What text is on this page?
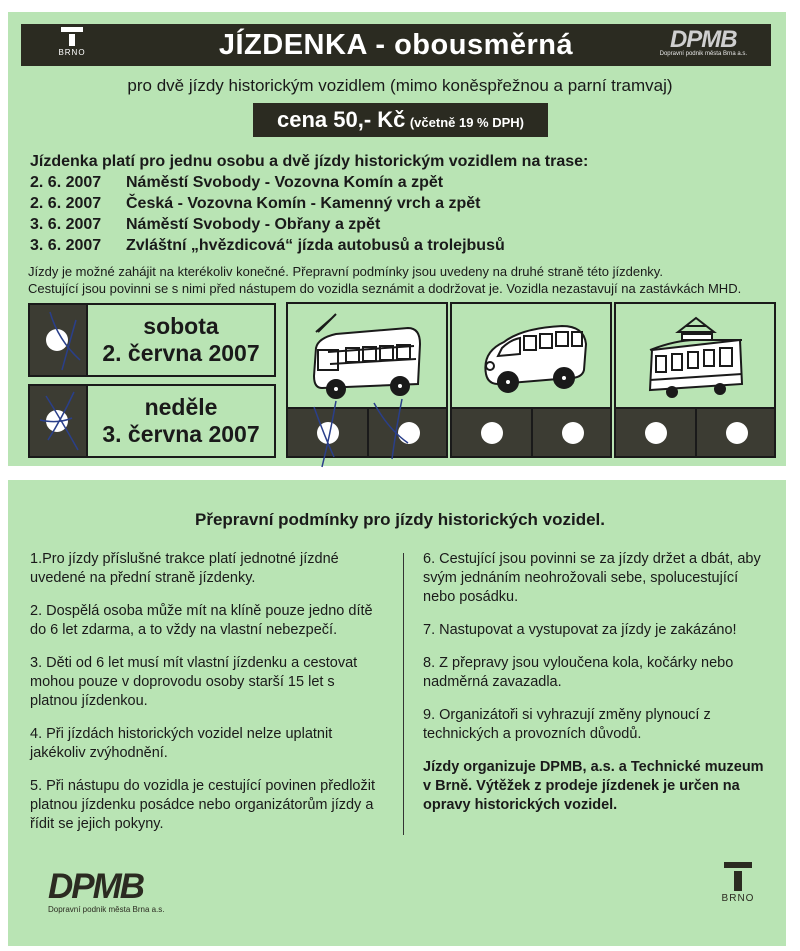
BRNO	JÍZDENKA - obousměrná	DPMB
Dopravní podnik města Brna a.s.
pro dvě jízdy historickým vozidlem (mimo koněspřežnou a parní tramvaj)
cena 50,- Kč (včetně 19 % DPH)
Jízdenka platí pro jednu osobu a dvě jízdy historickým vozidlem na trase:
2. 6. 2007 Náměstí Svobody - Vozovna Komín a zpět
2. 6. 2007 Česká - Vozovna Komín - Kamenný vrch a zpět
3. 6. 2007 Náměstí Svobody - Obřany a zpět
3. 6. 2007 Zvláštní „hvězdicová“ jízda autobusů a trolejbusů
Jízdy je možné zahájit na kterékoliv konečné. Přepravní podmínky jsou uvedeny na druhé straně této jízdenky.
Cestující jsou povinni se s nimi před nástupem do vozidla seznámit a dodržovat je. Vozidla nezastavují na zastávkách MHD.
sobota
2. června 2007
neděle
3. června 2007
Přepravní podmínky pro jízdy historických vozidel.

1.Pro jízdy příslušné trakce platí jednotné jízdné uvedené na přední straně jízdenky.

2. Dospělá osoba může mít na klíně pouze jedno dítě do 6 let zdarma, a to vždy na vlastní nebezpečí.

3. Děti od 6 let musí mít vlastní jízdenku a cestovat mohou pouze v doprovodu osoby starší 15 let s platnou jízdenkou.

4. Při jízdách historických vozidel nelze uplatnit jakékoliv zvýhodnění.

5. Při nástupu do vozidla je cestující povinen předložit platnou jízdenku posádce nebo organizátorům jízdy a řídit se jejich pokyny.

6. Cestující jsou povinni se za jízdy držet a dbát, aby svým jednáním neohrožovali sebe, spolucestující nebo posádku.

7. Nastupovat a vystupovat za jízdy je zakázáno!

8. Z přepravy jsou vyloučena kola, kočárky nebo nadměrná zavazadla.

9. Organizátoři si vyhrazují změny plynoucí z technických a provozních důvodů.

Jízdy organizuje DPMB, a.s. a Technické muzeum v Brně. Výtěžek z prodeje jízdenek je určen na opravy historických vozidel.

DPMB
Dopravní podnik města Brna a.s.
BRNO
